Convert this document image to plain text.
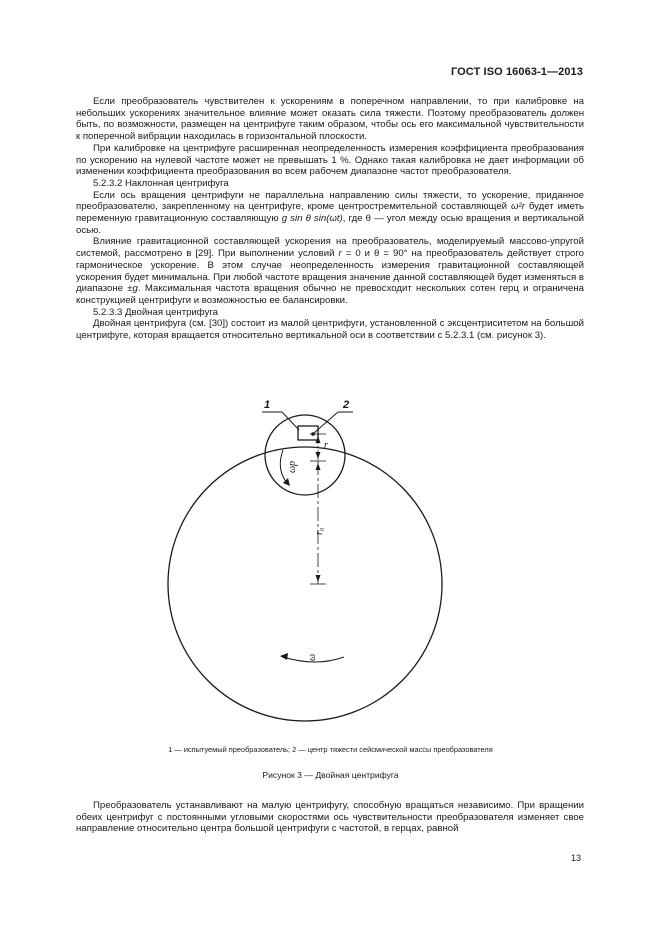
ГОСТ ISO 16063-1—2013

Если преобразователь чувствителен к ускорениям в поперечном направлении, то при калибровке на небольших ускорениях значительное влияние может оказать сила тяжести. Поэтому преобразователь должен быть, по возможности, размещен на центрифуге таким образом, чтобы ось его максимальной чувствительности к поперечной вибрации находилась в горизонтальной плоскости.

При калибровке на центрифуге расширенная неопределенность измерения коэффициента преобразования по ускорению на нулевой частоте может не превышать 1 %. Однако такая калибровка не дает информации об изменении коэффициента преобразования во всем рабочем диапазоне частот преобразователя.

5.2.3.2 Наклонная центрифуга

Если ось вращения центрифуги не параллельна направлению силы тяжести, то ускорение, приданное преобразователю, закрепленному на центрифуге, кроме центростремительной составляющей ω²r будет иметь переменную гравитационную составляющую g sin θ sin(ωt), где θ — угол между осью вращения и вертикальной осью.

Влияние гравитационной составляющей ускорения на преобразователь, моделируемый массово-упругой системой, рассмотрено в [29]. При выполнении условий r = 0 и θ = 90° на преобразователь действует строго гармоническое ускорение. В этом случае неопределенность измерения гравитационной составляющей ускорения будет минимальна. При любой частоте вращения значение данной составляющей будет изменяться в диапазоне ±g. Максимальная частота вращения обычно не превосходит нескольких сотен герц и ограничена конструкцией центрифуги и возможностью ее балансировки.

5.2.3.3 Двойная центрифуга

Двойная центрифуга (см. [30]) состоит из малой центрифуги, установленной с эксцентриситетом на большой центрифуге, которая вращается относительно вертикальной оси в соответствии с 5.2.3.1 (см. рисунок 3).

1	2
r
r₀
ωp
ω
1 — испытуемый преобразователь; 2 — центр тяжести сейсмической массы преобразователя
Рисунок 3 — Двойная центрифуга

Преобразователь устанавливают на малую центрифугу, способную вращаться независимо. При вращении обеих центрифуг с постоянными угловыми скоростями ось чувствительности преобразователя изменяет свое направление относительно центра большой центрифуги с частотой, в герцах, равной

13
